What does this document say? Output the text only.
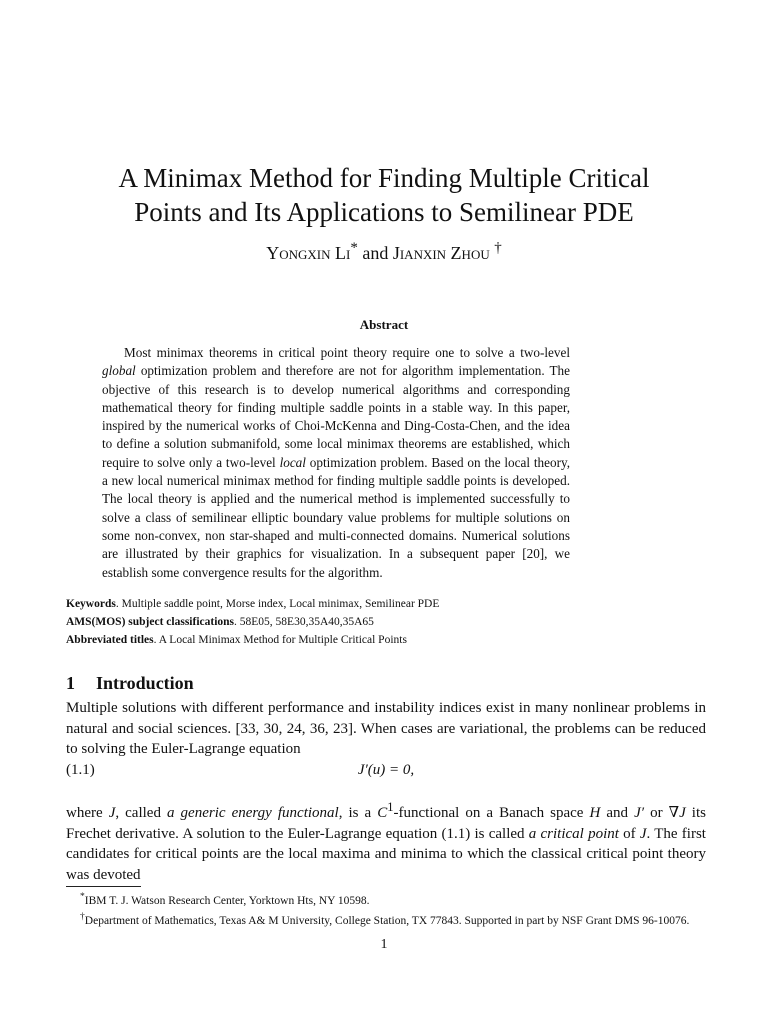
A Minimax Method for Finding Multiple Critical
Points and Its Applications to Semilinear PDE
Yongxin Li* and Jianxin Zhou †
Abstract

Most minimax theorems in critical point theory require one to solve a two-level global optimization problem and therefore are not for algorithm implementation. The objective of this research is to develop numerical algorithms and corresponding mathematical theory for finding multiple saddle points in a stable way. In this paper, inspired by the numerical works of Choi-McKenna and Ding-Costa-Chen, and the idea to define a solution submanifold, some local minimax theorems are established, which require to solve only a two-level local optimization problem. Based on the local theory, a new local numerical minimax method for finding multiple saddle points is developed. The local theory is applied and the numerical method is implemented successfully to solve a class of semilinear elliptic boundary value problems for multiple solutions on some non-convex, non star-shaped and multi-connected domains. Numerical solutions are illustrated by their graphics for visualization. In a subsequent paper [20], we establish some convergence results for the algorithm.

Keywords. Multiple saddle point, Morse index, Local minimax, Semilinear PDE
AMS(MOS) subject classifications. 58E05, 58E30,35A40,35A65
Abbreviated titles. A Local Minimax Method for Multiple Critical Points
1 Introduction

Multiple solutions with different performance and instability indices exist in many nonlinear problems in natural and social sciences. [33, 30, 24, 36, 23]. When cases are variational, the problems can be reduced to solving the Euler-Lagrange equation

(1.1)	J′(u) = 0,

where J, called a generic energy functional, is a $C^1$-functional on a Banach space H and J′ or ∇J its Frechet derivative. A solution to the Euler-Lagrange equation (1.1) is called a critical point of J. The first candidates for critical points are the local maxima and minima to which the classical critical point theory was devoted

*IBM T. J. Watson Research Center, Yorktown Hts, NY 10598.

†Department of Mathematics, Texas A& M University, College Station, TX 77843. Supported in part by NSF Grant DMS 96-10076.

1
